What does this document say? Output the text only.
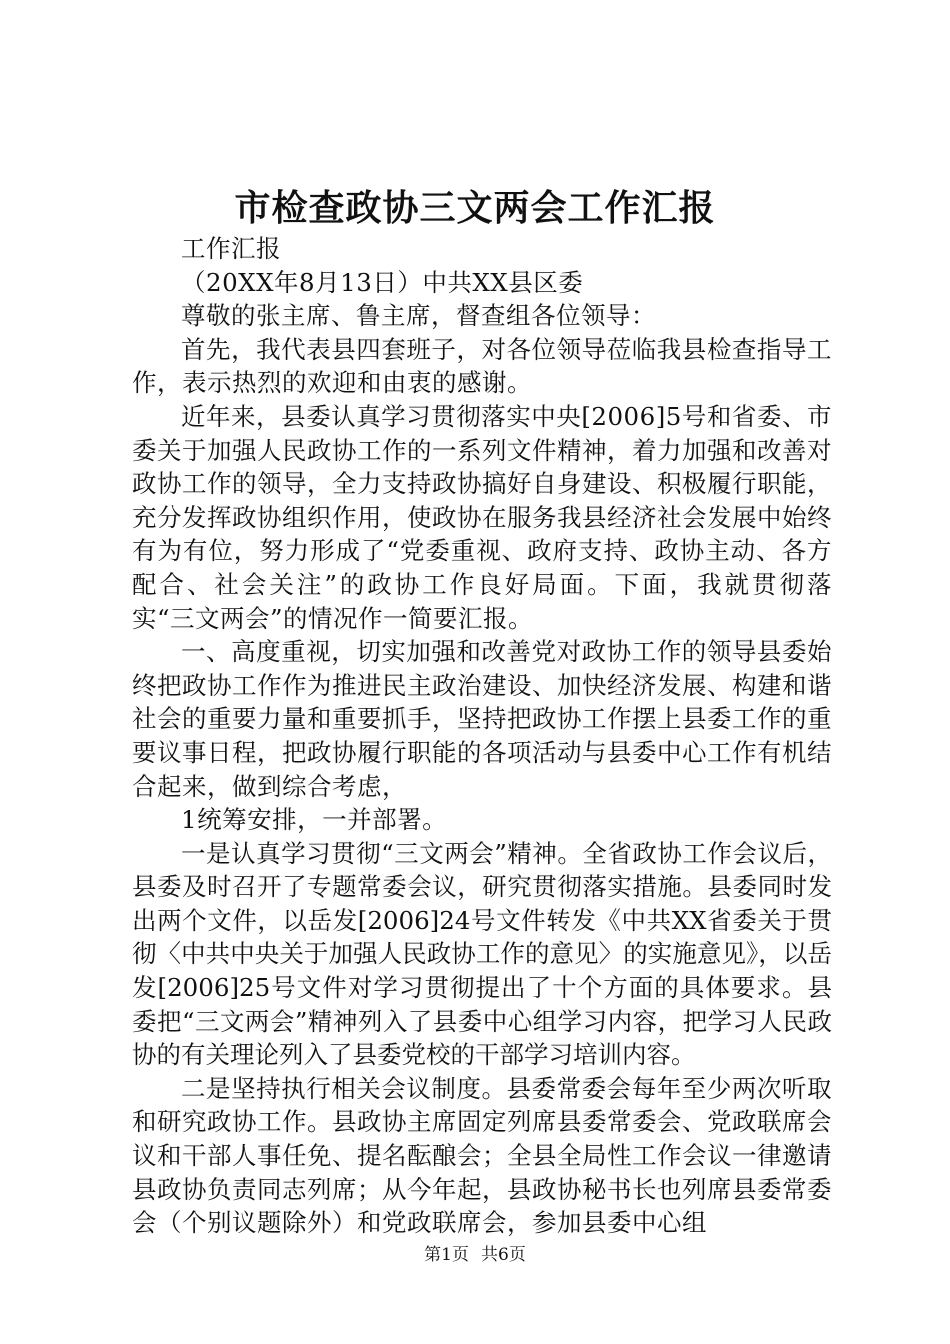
市检查政协三文两会工作汇报

工作汇报

（20XX年8月13日）中共XX县区委

尊敬的张主席、鲁主席，督查组各位领导：

首先，我代表县四套班子，对各位领导莅临我县检查指导工作，表示热烈的欢迎和由衷的感谢。

近年来，县委认真学习贯彻落实中央[2006]5号和省委、市委关于加强人民政协工作的一系列文件精神，着力加强和改善对政协工作的领导，全力支持政协搞好自身建设、积极履行职能，充分发挥政协组织作用，使政协在服务我县经济社会发展中始终有为有位，努力形成了“党委重视、政府支持、政协主动、各方配合、社会关注”的政协工作良好局面。下面，我就贯彻落实“三文两会”的情况作一简要汇报。

一、高度重视，切实加强和改善党对政协工作的领导县委始终把政协工作作为推进民主政治建设、加快经济发展、构建和谐社会的重要力量和重要抓手，坚持把政协工作摆上县委工作的重要议事日程，把政协履行职能的各项活动与县委中心工作有机结合起来，做到综合考虑，

1统筹安排，一并部署。

一是认真学习贯彻“三文两会”精神。全省政协工作会议后，县委及时召开了专题常委会议，研究贯彻落实措施。县委同时发出两个文件，以岳发[2006]24号文件转发《中共XX省委关于贯彻〈中共中央关于加强人民政协工作的意见〉的实施意见》，以岳发[2006]25号文件对学习贯彻提出了十个方面的具体要求。县委把“三文两会”精神列入了县委中心组学习内容，把学习人民政协的有关理论列入了县委党校的干部学习培训内容。

二是坚持执行相关会议制度。县委常委会每年至少两次听取和研究政协工作。县政协主席固定列席县委常委会、党政联席会议和干部人事任免、提名酝酿会；全县全局性工作会议一律邀请县政协负责同志列席；从今年起，县政协秘书长也列席县委常委会（个别议题除外）和党政联席会，参加县委中心组

第1页 共6页
